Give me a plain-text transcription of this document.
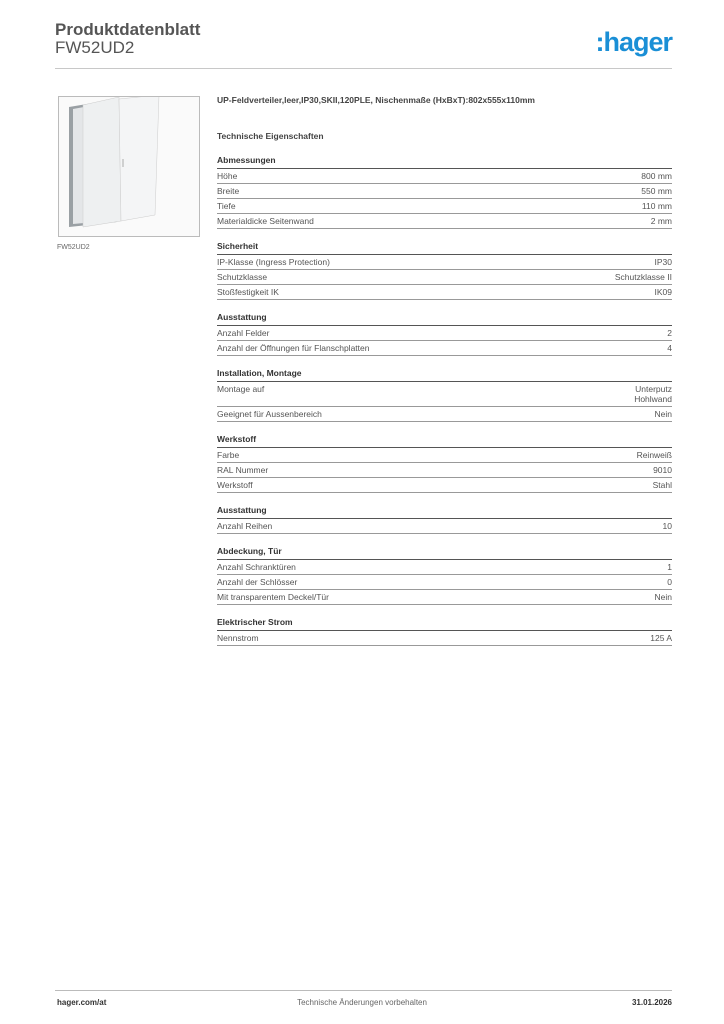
Produktdatenblatt
FW52UD2	:hager
FW52UD2
UP-Feldverteiler,leer,IP30,SKII,120PLE, Nischenmaße (HxBxT):802x555x110mm
Technische Eigenschaften
Abmessungen
Höhe	800 mm
Breite	550 mm
Tiefe	110 mm
Materialdicke Seitenwand	2 mm
Sicherheit
IP-Klasse (Ingress Protection)	IP30
Schutzklasse	Schutzklasse II
Stoßfestigkeit IK	IK09
Ausstattung
Anzahl Felder	2
Anzahl der Öffnungen für Flanschplatten	4
Installation, Montage
Montage auf	Unterputz
Hohlwand
Geeignet für Aussenbereich	Nein
Werkstoff
Farbe	Reinweiß
RAL Nummer	9010
Werkstoff	Stahl
Ausstattung
Anzahl Reihen	10
Abdeckung, Tür
Anzahl Schranktüren	1
Anzahl der Schlösser	0
Mit transparentem Deckel/Tür	Nein
Elektrischer Strom
Nennstrom	125 A
hager.com/at	Technische Änderungen vorbehalten	31.01.2026
